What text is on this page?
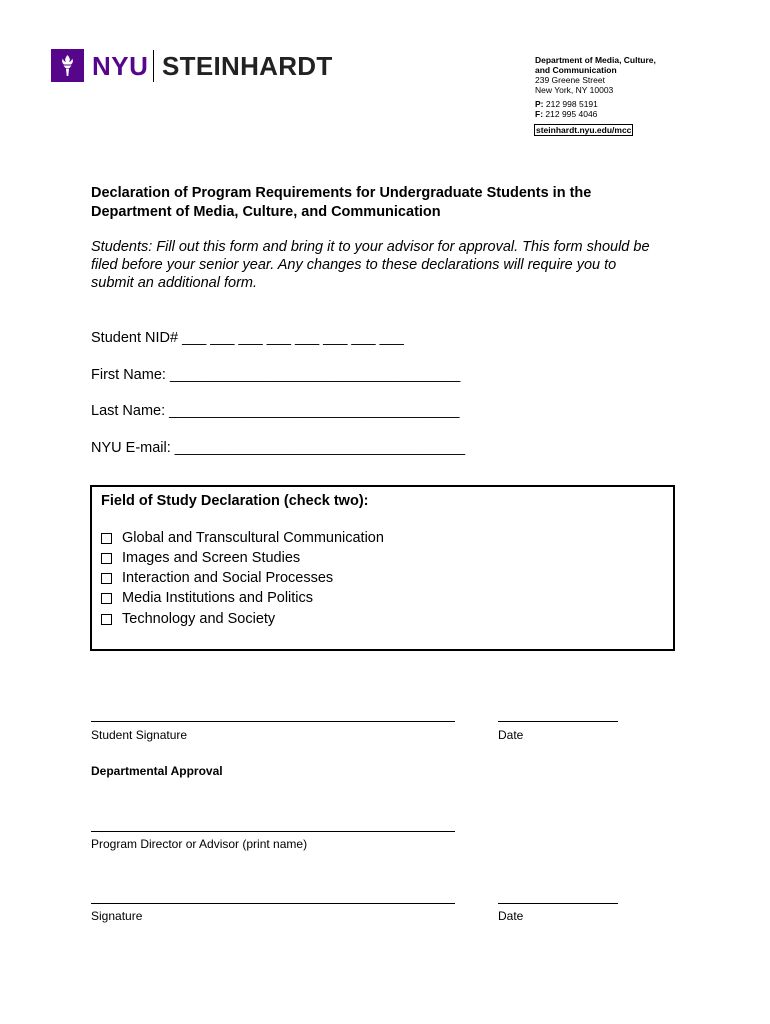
NYU STEINHARDT	Department of Media, Culture,
and Communication
239 Greene Street
New York, NY 10003
P: 212 998 5191
F: 212 995 4046
steinhardt.nyu.edu/mcc
Declaration of Program Requirements for Undergraduate Students in the
Department of Media, Culture, and Communication
Students: Fill out this form and bring it to your advisor for approval. This form should be
filed before your senior year. Any changes to these declarations will require you to
submit an additional form.
Student NID# ___ ___ ___ ___ ___ ___ ___ ___
First Name: ____________________________________
Last Name: ____________________________________
NYU E-mail: ____________________________________
Field of Study Declaration (check two):
Global and Transcultural Communication
Images and Screen Studies
Interaction and Social Processes
Media Institutions and Politics
Technology and Society
Student Signature	Date
Departmental Approval
Program Director or Advisor (print name)
Signature	Date
